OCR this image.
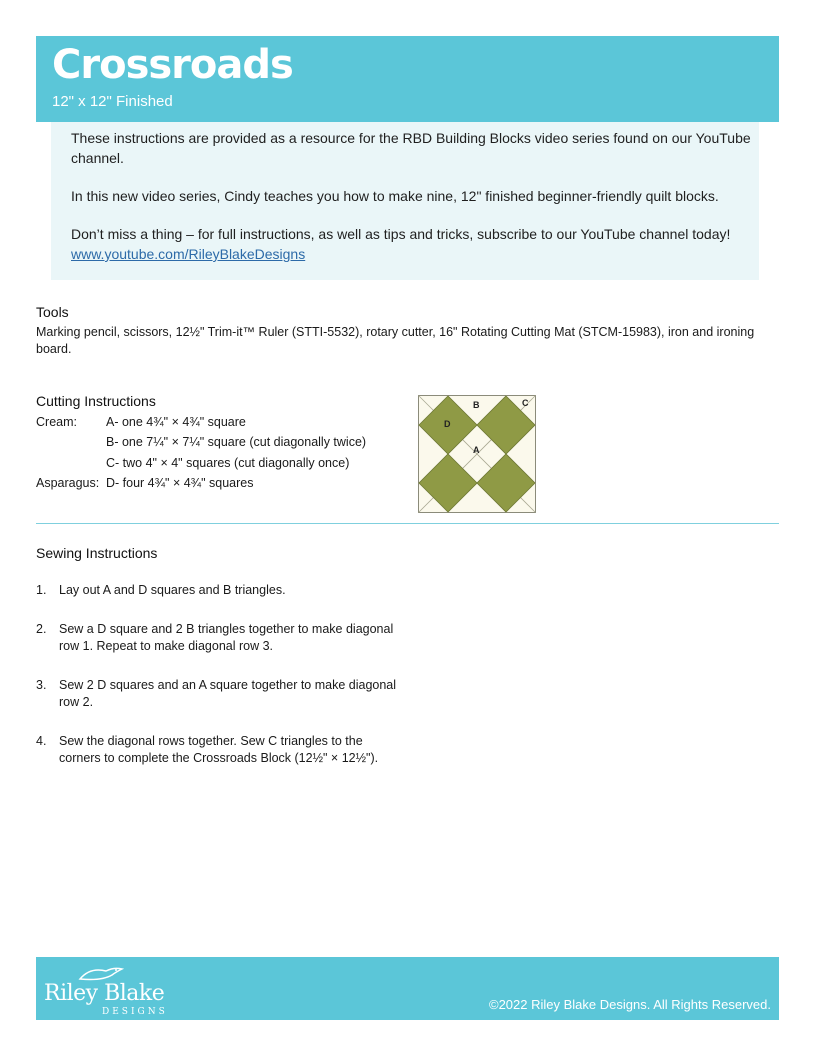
Crossroads
12" x 12" Finished

These instructions are provided as a resource for the RBD Building Blocks video series found on our YouTube channel.

In this new video series, Cindy teaches you how to make nine, 12" finished beginner-friendly quilt blocks.

Don’t miss a thing – for full instructions, as well as tips and tricks, subscribe to our YouTube channel today! www.youtube.com/RileyBlakeDesigns

Tools
Marking pencil, scissors, 12½" Trim-it™ Ruler (STTI-5532), rotary cutter, 16" Rotating Cutting Mat (STCM-15983), iron and ironing board.
Cutting Instructions
Cream: A- one 4¾" × 4¾" square
B- one 7¼" × 7¼" square (cut diagonally twice)
C- two 4" × 4" squares (cut diagonally once)
Asparagus: D- four 4¾" × 4¾" squares
B	C
D
A
Sewing Instructions
1. Lay out A and D squares and B triangles.
2. Sew a D square and 2 B triangles together to make diagonal row 1. Repeat to make diagonal row 3.
3. Sew 2 D squares and an A square together to make diagonal row 2.
4. Sew the diagonal rows together. Sew C triangles to the corners to complete the Crossroads Block (12½" × 12½").
Riley Blake
DESIGNS	©2022 Riley Blake Designs. All Rights Reserved.
